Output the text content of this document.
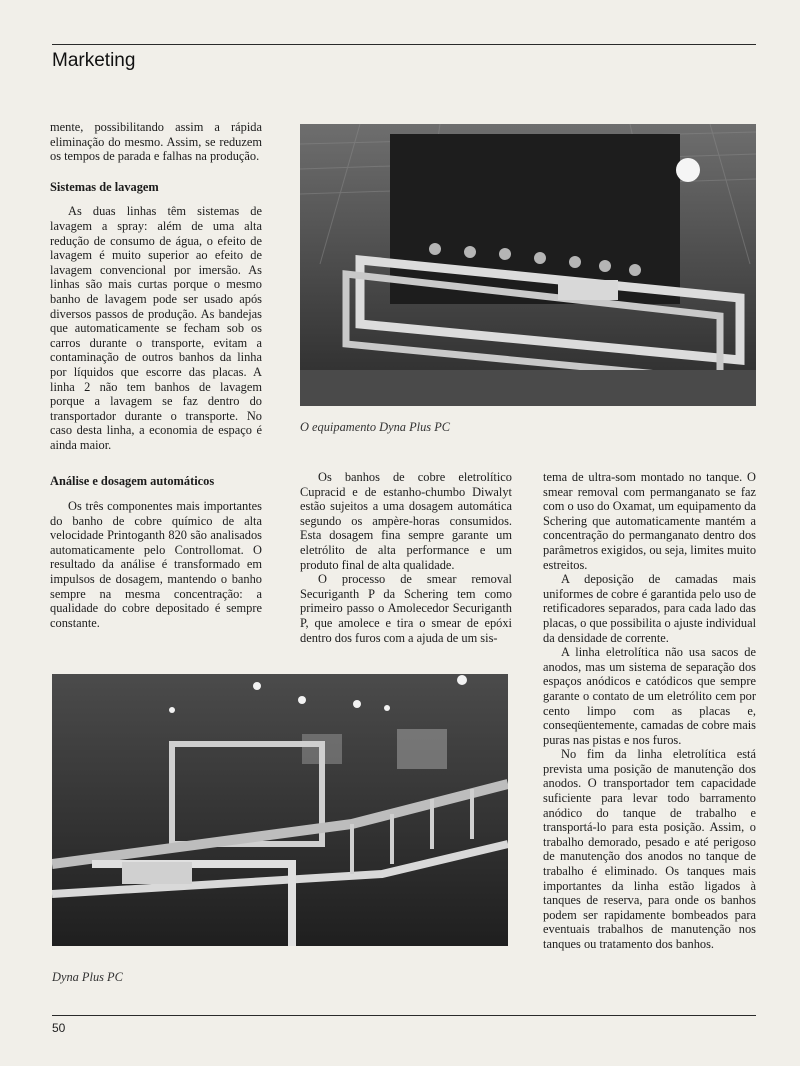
Marketing

mente, possibilitando assim a rápida eliminação do mesmo. Assim, se reduzem os tempos de parada e falhas na produção.

Sistemas de lavagem

As duas linhas têm sistemas de lavagem a spray: além de uma alta redução de consumo de água, o efeito de lavagem é muito superior ao efeito de lavagem convencional por imersão. As linhas são mais curtas porque o mesmo banho de lavagem pode ser usado após diversos passos de produção. As bandejas que automaticamente se fecham sob os carros durante o transporte, evitam a contaminação de outros banhos da linha por líquidos que escorre das placas. A linha 2 não tem banhos de lavagem porque a lavagem se faz dentro do transportador durante o transporte. No caso desta linha, a economia de espaço é ainda maior.

Análise e dosagem automáticos

Os três componentes mais importantes do banho de cobre químico de alta velocidade Printoganth 820 são analisados automaticamente pelo Controllomat. O resultado da análise é transformado em impulsos de dosagem, mantendo o banho sempre na mesma concentração: a qualidade do cobre depositado é sempre constante.

O equipamento Dyna Plus PC

Os banhos de cobre eletrolítico Cupracid e de estanho-chumbo Diwalyt estão sujeitos a uma dosagem automática segundo os ampère-horas consumidos. Esta dosagem fina sempre garante um eletrólito de alta performance e um produto final de alta qualidade.

O processo de smear removal Securiganth P da Schering tem como primeiro passo o Amolecedor Securiganth P, que amolece e tira o smear de epóxi dentro dos furos com a ajuda de um sis-

tema de ultra-som montado no tanque. O smear removal com permanganato se faz com o uso do Oxamat, um equipamento da Schering que automaticamente mantém a concentração do permanganato dentro dos parâmetros exigidos, ou seja, limites muito estreitos.

A deposição de camadas mais uniformes de cobre é garantida pelo uso de retificadores separados, para cada lado das placas, o que possibilita o ajuste individual da densidade de corrente.

A linha eletrolítica não usa sacos de anodos, mas um sistema de separação dos espaços anódicos e catódicos que sempre garante o contato de um eletrólito cem por cento limpo com as placas e, conseqüentemente, camadas de cobre mais puras nas pistas e nos furos.

No fim da linha eletrolítica está prevista uma posição de manutenção dos anodos. O transportador tem capacidade suficiente para levar todo barramento anódico do tanque de trabalho e transportá-lo para esta posição. Assim, o trabalho demorado, pesado e até perigoso de manutenção dos anodos no tanque de trabalho é eliminado. Os tanques mais importantes da linha estão ligados à tanques de reserva, para onde os banhos podem ser rapidamente bombeados para eventuais trabalhos de manutenção nos tanques ou tratamento dos banhos.

Dyna Plus PC
50
